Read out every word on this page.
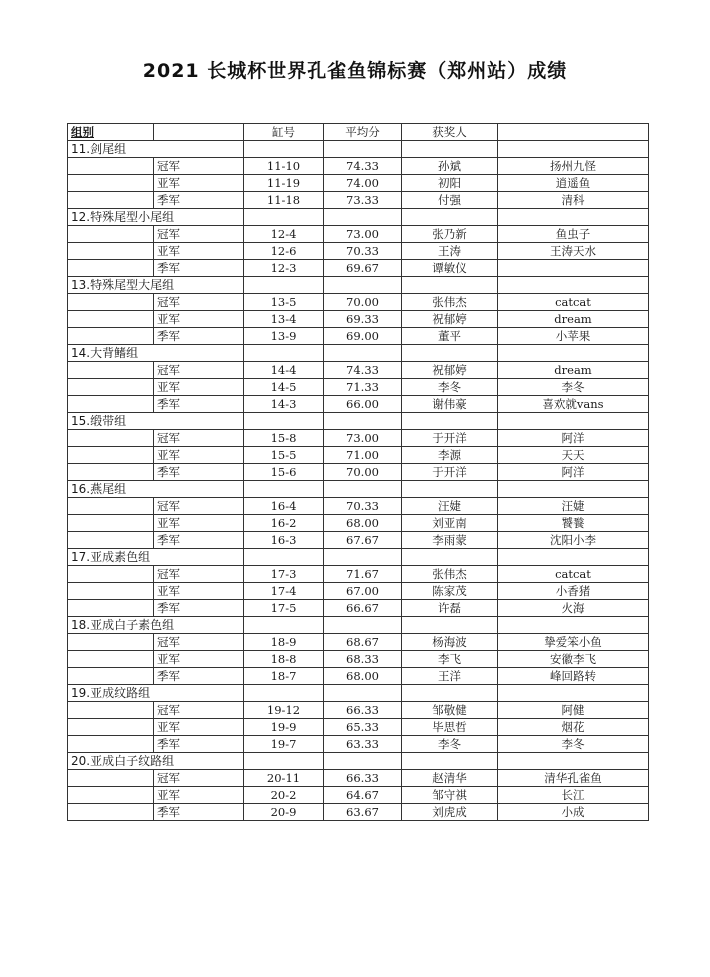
2021 长城杯世界孔雀鱼锦标赛（郑州站）成绩
组别		缸号	平均分	获奖人	
11.剑尾组					
	冠军	11-10	74.33	孙斌	扬州九怪
	亚军	11-19	74.00	初阳	逍遥鱼
	季军	11-18	73.33	付强	清科
12.特殊尾型小尾组					
	冠军	12-4	73.00	张乃新	鱼虫子
	亚军	12-6	70.33	王涛	王涛天水
	季军	12-3	69.67	谭敏仪	
13.特殊尾型大尾组					
	冠军	13-5	70.00	张伟杰	catcat
	亚军	13-4	69.33	祝郁婷	dream
	季军	13-9	69.00	董平	小苹果
14.大背鳍组					
	冠军	14-4	74.33	祝郁婷	dream
	亚军	14-5	71.33	李冬	李冬
	季军	14-3	66.00	谢伟豪	喜欢就vans
15.缎带组					
	冠军	15-8	73.00	于开洋	阿洋
	亚军	15-5	71.00	李源	天天
	季军	15-6	70.00	于开洋	阿洋
16.燕尾组					
	冠军	16-4	70.33	汪婕	汪婕
	亚军	16-2	68.00	刘亚南	饕餮
	季军	16-3	67.67	李雨蒙	沈阳小李
17.亚成素色组					
	冠军	17-3	71.67	张伟杰	catcat
	亚军	17-4	67.00	陈家茂	小香猪
	季军	17-5	66.67	许磊	火海
18.亚成白子素色组					
	冠军	18-9	68.67	杨海波	挚爱笨小鱼
	亚军	18-8	68.33	李飞	安徽李飞
	季军	18-7	68.00	王洋	峰回路转
19.亚成纹路组					
	冠军	19-12	66.33	邹敬健	阿健
	亚军	19-9	65.33	毕思哲	烟花
	季军	19-7	63.33	李冬	李冬
20.亚成白子纹路组					
	冠军	20-11	66.33	赵清华	清华孔雀鱼
	亚军	20-2	64.67	邹守祺	长江
	季军	20-9	63.67	刘虎成	小成
